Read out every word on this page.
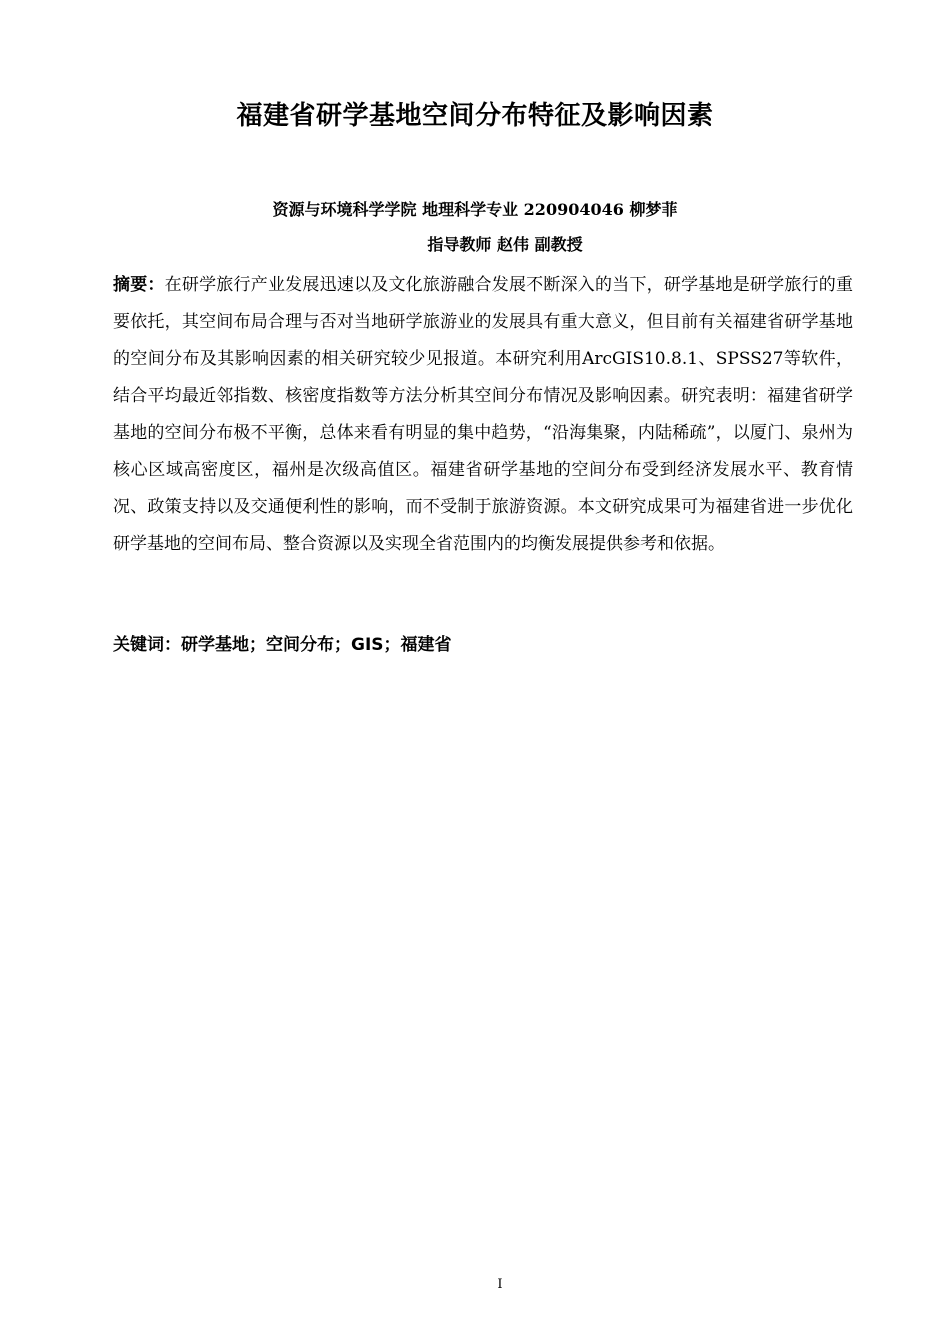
福建省研学基地空间分布特征及影响因素
资源与环境科学学院 地理科学专业 220904046 柳梦菲
指导教师 赵伟 副教授
摘要：在研学旅行产业发展迅速以及文化旅游融合发展不断深入的当下，研学基地是研学旅行的重要依托，其空间布局合理与否对当地研学旅游业的发展具有重大意义，但目前有关福建省研学基地的空间分布及其影响因素的相关研究较少见报道。本研究利用ArcGIS10.8.1、SPSS27等软件，结合平均最近邻指数、核密度指数等方法分析其空间分布情况及影响因素。研究表明：福建省研学基地的空间分布极不平衡，总体来看有明显的集中趋势，“沿海集聚，内陆稀疏”，以厦门、泉州为核心区域高密度区，福州是次级高值区。福建省研学基地的空间分布受到经济发展水平、教育情况、政策支持以及交通便利性的影响，而不受制于旅游资源。本文研究成果可为福建省进一步优化研学基地的空间布局、整合资源以及实现全省范围内的均衡发展提供参考和依据。
关键词：研学基地；空间分布；GIS；福建省
I
